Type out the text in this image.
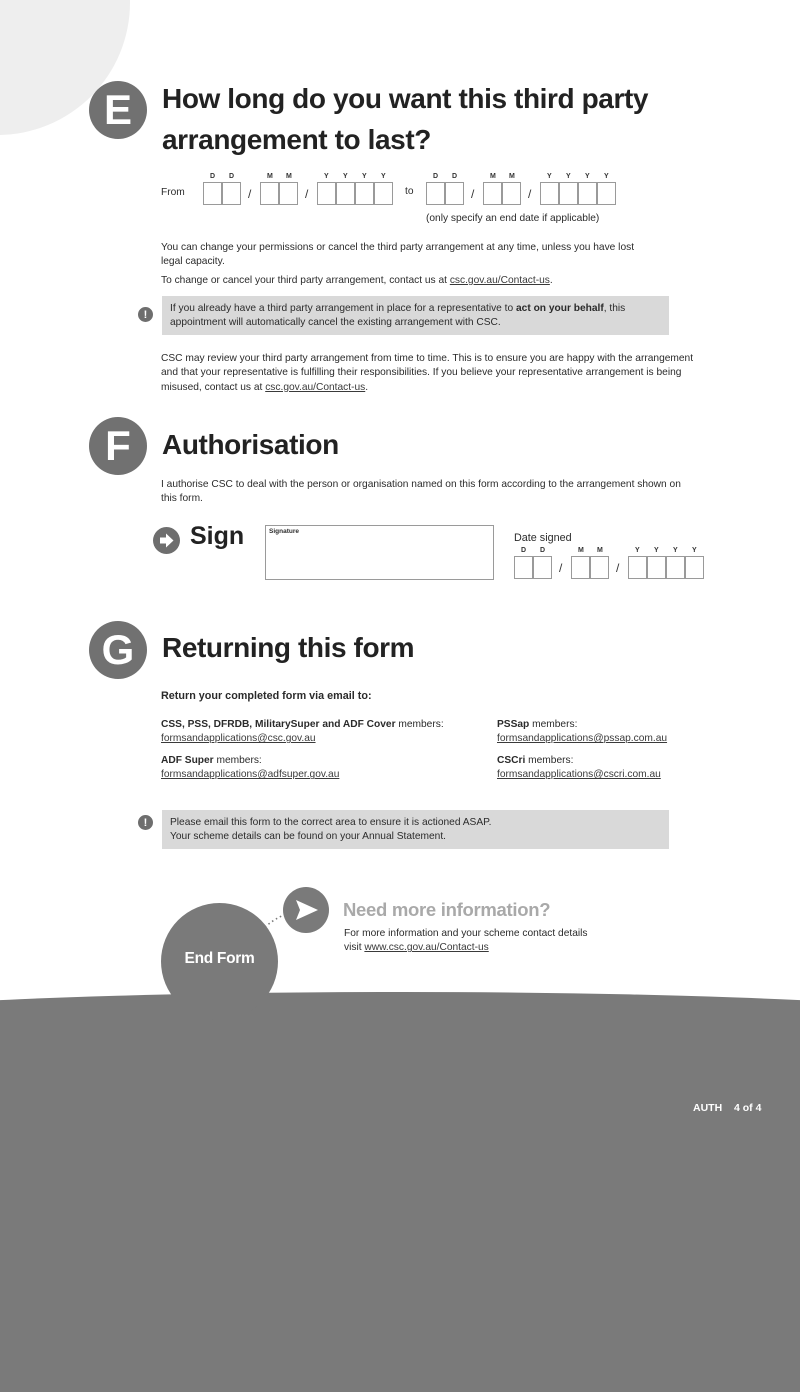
E How long do you want this third party
arrangement to last?
From
D D
/
M M
/
Y Y Y Y
to
D D
/
M M
/
Y Y Y Y
(only specify an end date if applicable)
You can change your permissions or cancel the third party arrangement at any time, unless you have lost legal capacity.
To change or cancel your third party arrangement, contact us at csc.gov.au/Contact-us.
!	If you already have a third party arrangement in place for a representative to act on your behalf, this appointment will automatically cancel the existing arrangement with CSC.
CSC may review your third party arrangement from time to time. This is to ensure you are happy with the arrangement and that your representative is fulfilling their responsibilities. If you believe your representative arrangement is being misused, contact us at csc.gov.au/Contact-us.
F Authorisation
I authorise CSC to deal with the person or organisation named on this form according to the arrangement shown on this form.
Sign	Signature
Date signed
D D
/
M M
/
Y Y Y Y
G Returning this form
Return your completed form via email to:
CSS, PSS, DFRDB, MilitarySuper and ADF Cover members:
formsandapplications@csc.gov.au
PSSap members:
formsandapplications@pssap.com.au
ADF Super members:
formsandapplications@adfsuper.gov.au
CSCri members:
formsandapplications@cscri.com.au
!	Please email this form to the correct area to ensure it is actioned ASAP.
Your scheme details can be found on your Annual Statement.
End Form
Need more information?
For more information and your scheme contact details
visit www.csc.gov.au/Contact-us
AUTH 4 of 4
